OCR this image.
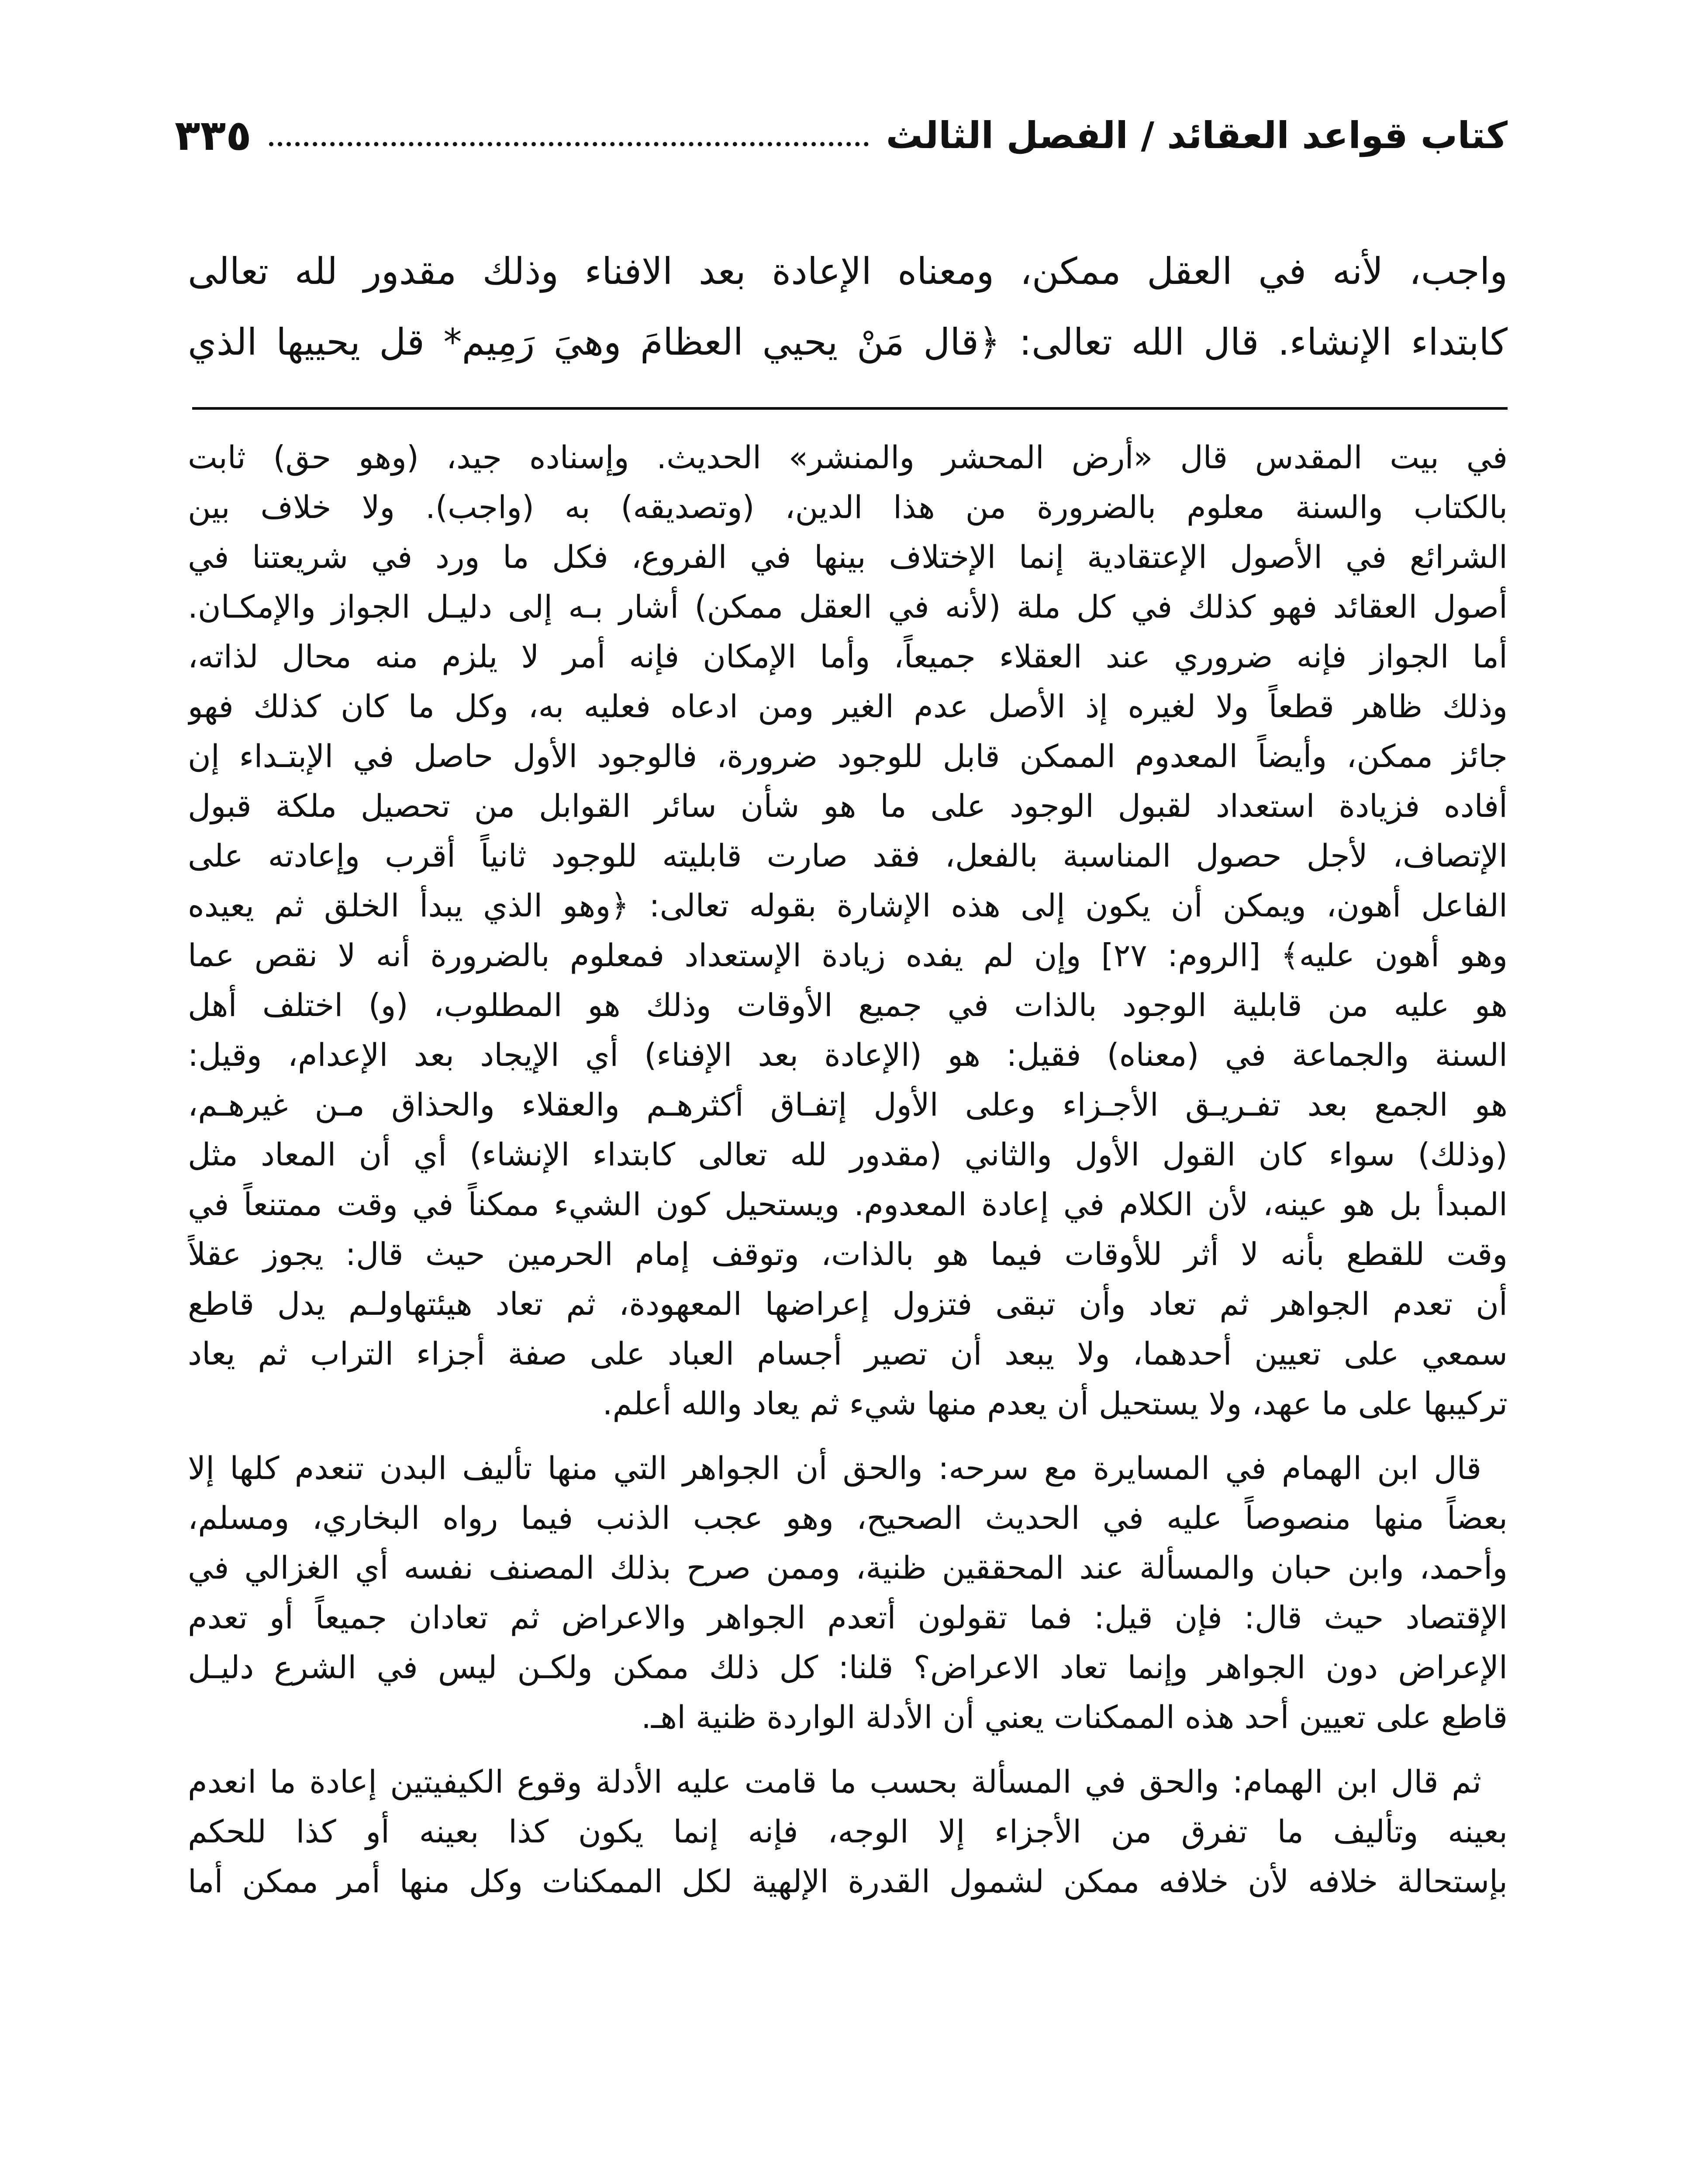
كتاب قواعد العقائد / الفصل الثالث
٣٣٥
واجب، لأنه في العقل ممكن، ومعناه الإعادة بعد الافناء وذلك مقدور لله تعالى
كابتداء الإنشاء. قال الله تعالى: ﴿قال مَنْ يحيي العظامَ وهيَ رَمِيم* قل يحييها الذي
في بيت المقدس قال «أرض المحشر والمنشر» الحديث. وإسناده جيد، (وهو حق) ثابت
بالكتاب والسنة معلوم بالضرورة من هذا الدين، (وتصديقه) به (واجب). ولا خلاف بين
الشرائع في الأصول الإعتقادية إنما الإختلاف بينها في الفروع، فكل ما ورد في شريعتنا في
أصول العقائد فهو كذلك في كل ملة (لأنه في العقل ممكن) أشار بـه إلى دليـل الجواز والإمكـان.
أما الجواز فإنه ضروري عند العقلاء جميعاً، وأما الإمكان فإنه أمر لا يلزم منه محال لذاته،
وذلك ظاهر قطعاً ولا لغيره إذ الأصل عدم الغير ومن ادعاه فعليه به، وكل ما كان كذلك فهو
جائز ممكن، وأيضاً المعدوم الممكن قابل للوجود ضرورة، فالوجود الأول حاصل في الإبتـداء إن
أفاده فزيادة استعداد لقبول الوجود على ما هو شأن سائر القوابل من تحصيل ملكة قبول
الإتصاف، لأجل حصول المناسبة بالفعل، فقد صارت قابليته للوجود ثانياً أقرب وإعادته على
الفاعل أهون، ويمكن أن يكون إلى هذه الإشارة بقوله تعالى: ﴿وهو الذي يبدأ الخلق ثم يعيده
وهو أهون عليه﴾ [الروم: ٢٧] وإن لم يفده زيادة الإستعداد فمعلوم بالضرورة أنه لا نقص عما
هو عليه من قابلية الوجود بالذات في جميع الأوقات وذلك هو المطلوب، (و) اختلف أهل
السنة والجماعة في (معناه) فقيل: هو (الإعادة بعد الإفناء) أي الإيجاد بعد الإعدام، وقيل:
هو الجمع بعد تفـريـق الأجـزاء وعلى الأول إتفـاق أكثرهـم والعقلاء والحذاق مـن غيرهـم،
(وذلك) سواء كان القول الأول والثاني (مقدور لله تعالى كابتداء الإنشاء) أي أن المعاد مثل
المبدأ بل هو عينه، لأن الكلام في إعادة المعدوم. ويستحيل كون الشيء ممكناً في وقت ممتنعاً في
وقت للقطع بأنه لا أثر للأوقات فيما هو بالذات، وتوقف إمام الحرمين حيث قال: يجوز عقلاً
أن تعدم الجواهر ثم تعاد وأن تبقى فتزول إعراضها المعهودة، ثم تعاد هيئتهاولـم يدل قاطع
سمعي على تعيين أحدهما، ولا يبعد أن تصير أجسام العباد على صفة أجزاء التراب ثم يعاد
تركيبها على ما عهد، ولا يستحيل أن يعدم منها شيء ثم يعاد والله أعلم.
قال ابن الهمام في المسايرة مع سرحه: والحق أن الجواهر التي منها تأليف البدن تنعدم كلها إلا
بعضاً منها منصوصاً عليه في الحديث الصحيح، وهو عجب الذنب فيما رواه البخاري، ومسلم،
وأحمد، وابن حبان والمسألة عند المحققين ظنية، وممن صرح بذلك المصنف نفسه أي الغزالي في
الإقتصاد حيث قال: فإن قيل: فما تقولون أتعدم الجواهر والاعراض ثم تعادان جميعاً أو تعدم
الإعراض دون الجواهر وإنما تعاد الاعراض؟ قلنا: كل ذلك ممكن ولكـن ليس في الشرع دليـل
قاطع على تعيين أحد هذه الممكنات يعني أن الأدلة الواردة ظنية اهـ.
ثم قال ابن الهمام: والحق في المسألة بحسب ما قامت عليه الأدلة وقوع الكيفيتين إعادة ما انعدم
بعينه وتأليف ما تفرق من الأجزاء إلا الوجه، فإنه إنما يكون كذا بعينه أو كذا للحكم
بإستحالة خلافه لأن خلافه ممكن لشمول القدرة الإلهية لكل الممكنات وكل منها أمر ممكن أما
